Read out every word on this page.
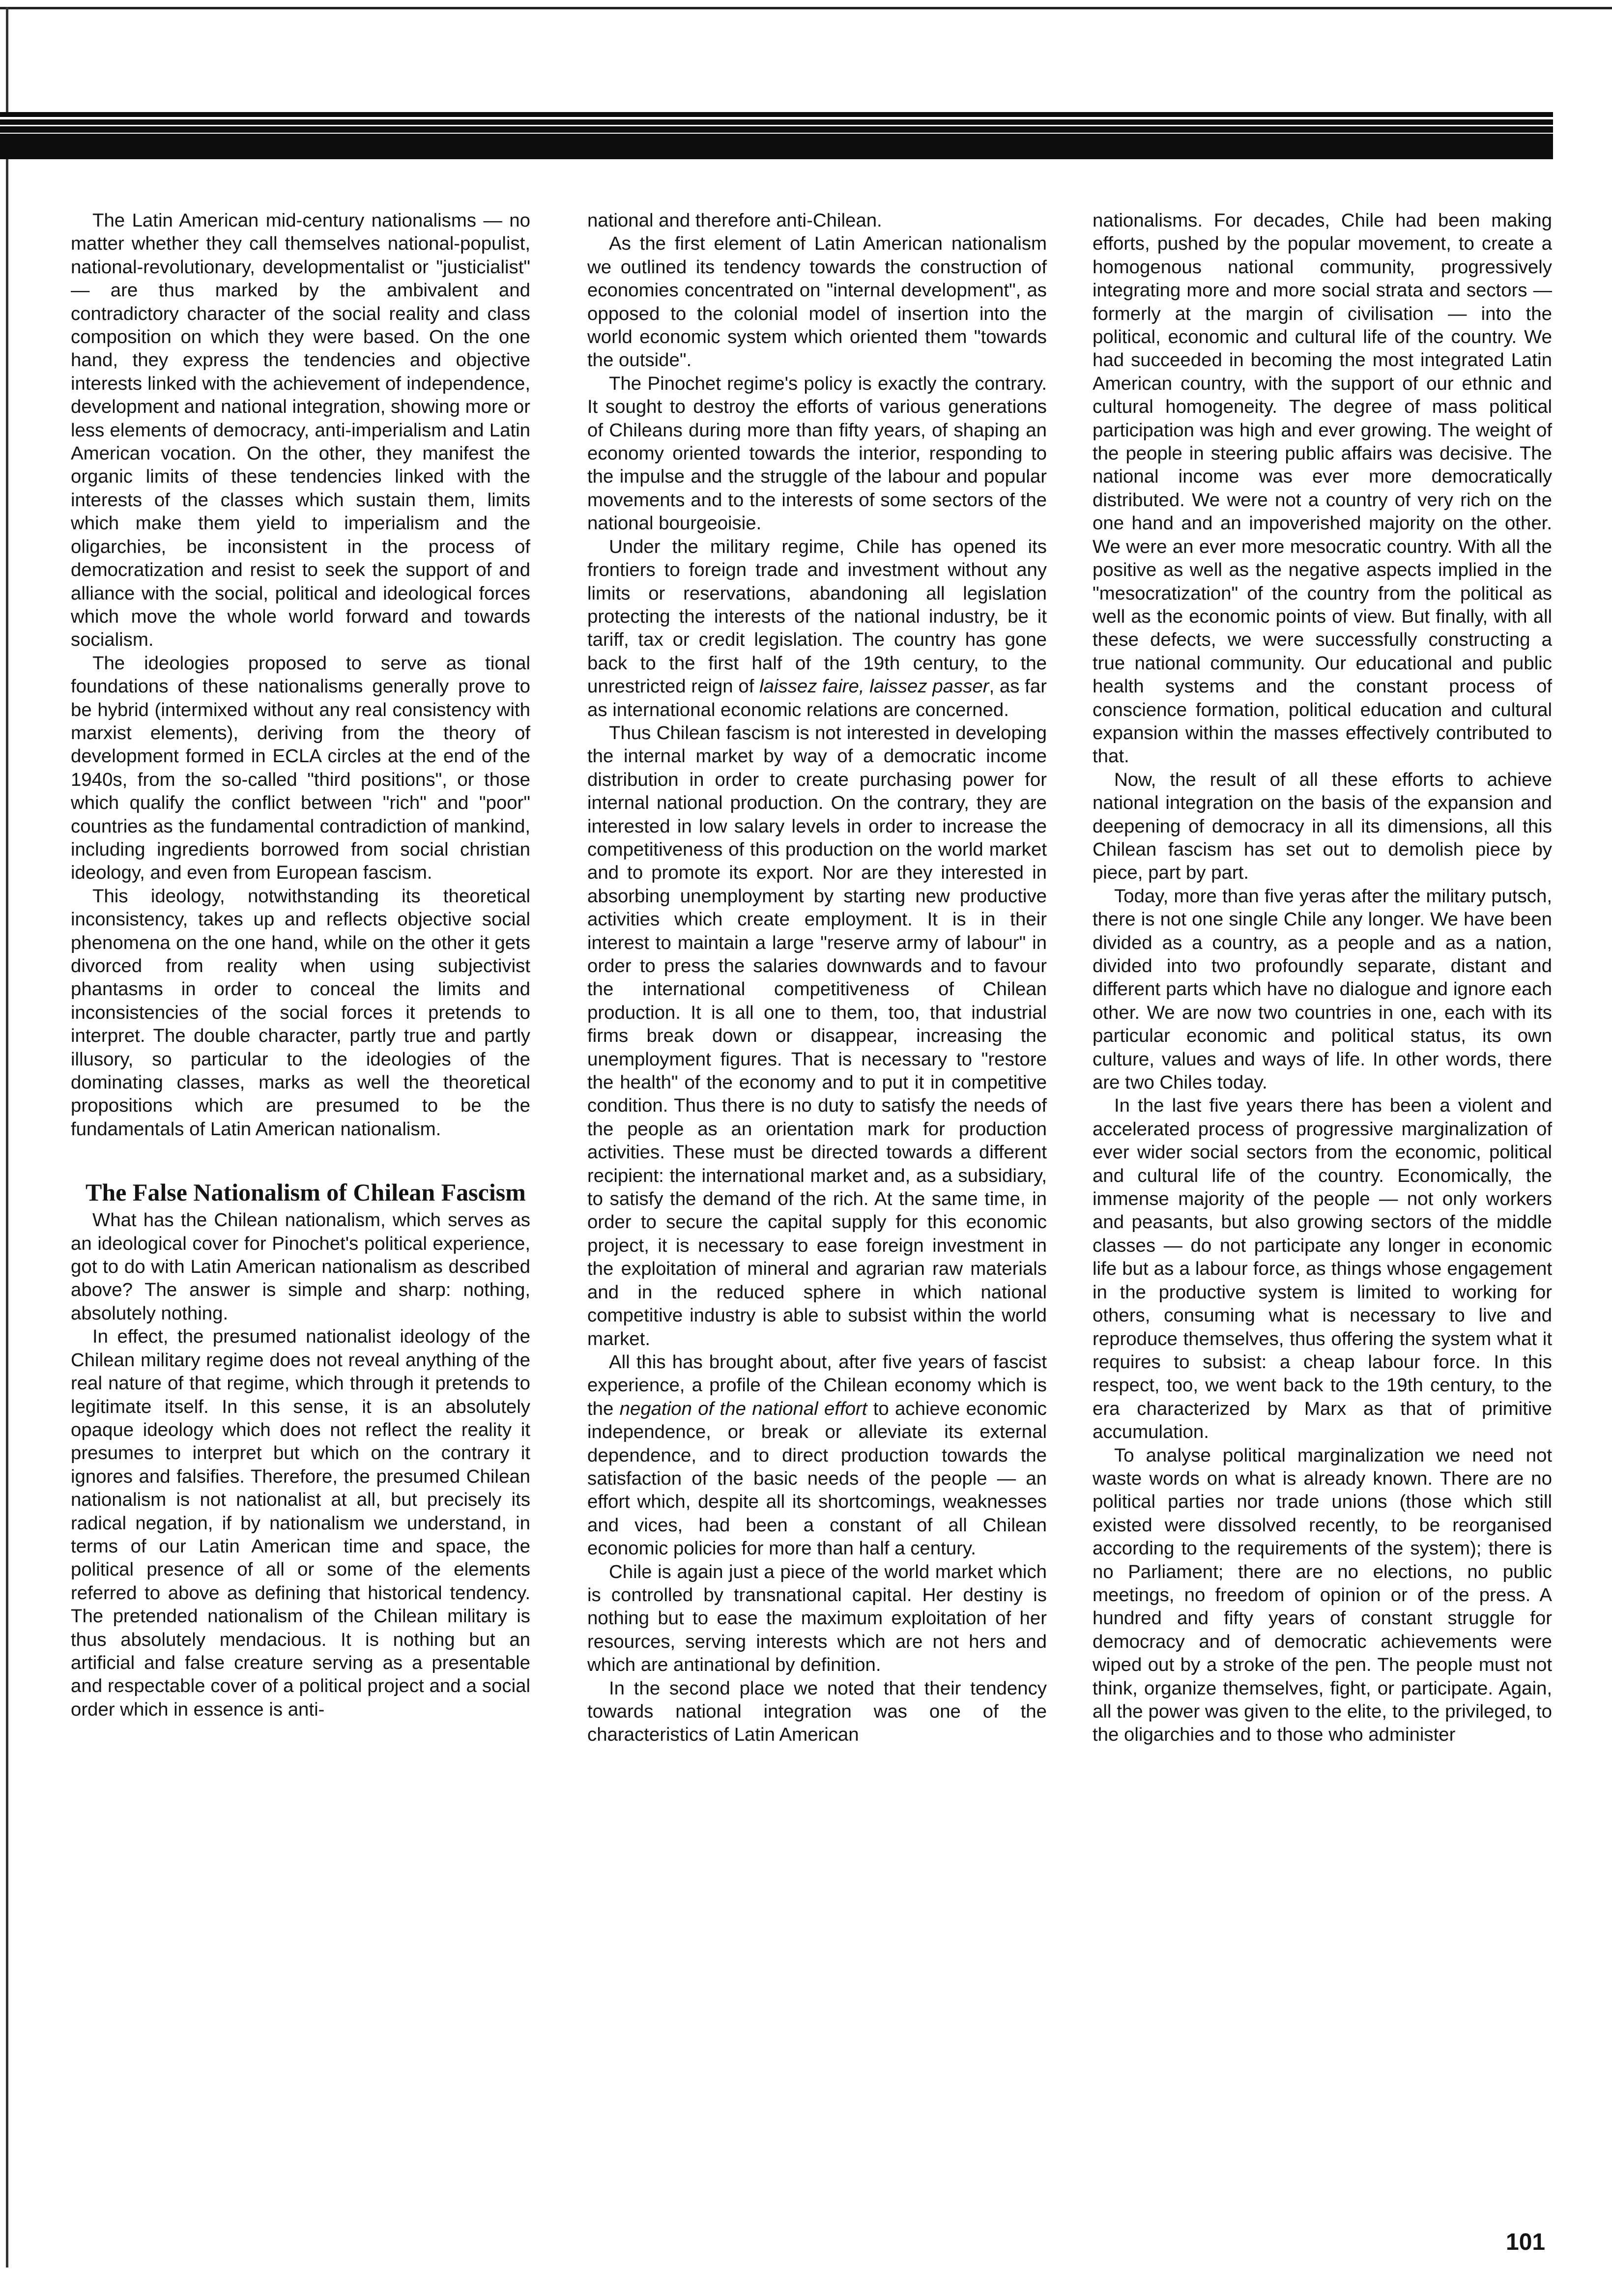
The Latin American mid-century nationalisms — no matter whether they call themselves national-populist, national-revolutionary, developmentalist or "justicialist" — are thus marked by the ambivalent and contradictory character of the social reality and class composition on which they were based. On the one hand, they express the tendencies and objective interests linked with the achievement of independence, development and national integration, showing more or less elements of democracy, anti-imperialism and Latin American vocation. On the other, they manifest the organic limits of these tendencies linked with the interests of the classes which sustain them, limits which make them yield to imperialism and the oligarchies, be inconsistent in the process of democratization and resist to seek the support of and alliance with the social, political and ideological forces which move the whole world forward and towards socialism.

The ideologies proposed to serve as tional foundations of these nationalisms generally prove to be hybrid (intermixed without any real consistency with marxist elements), deriving from the theory of development formed in ECLA circles at the end of the 1940s, from the so-called "third positions", or those which qualify the conflict between "rich" and "poor" countries as the fundamental contradiction of mankind, including ingredients borrowed from social christian ideology, and even from European fascism.

This ideology, notwithstanding its theoretical inconsistency, takes up and reflects objective social phenomena on the one hand, while on the other it gets divorced from reality when using subjectivist phantasms in order to conceal the limits and inconsistencies of the social forces it pretends to interpret. The double character, partly true and partly illusory, so particular to the ideologies of the dominating classes, marks as well the theoretical propositions which are presumed to be the fundamentals of Latin American nationalism.

The False Nationalism of Chilean Fascism

What has the Chilean nationalism, which serves as an ideological cover for Pinochet's political experience, got to do with Latin American nationalism as described above? The answer is simple and sharp: nothing, absolutely nothing.

In effect, the presumed nationalist ideology of the Chilean military regime does not reveal anything of the real nature of that regime, which through it pretends to legitimate itself. In this sense, it is an absolutely opaque ideology which does not reflect the reality it presumes to interpret but which on the contrary it ignores and falsifies. Therefore, the presumed Chilean nationalism is not nationalist at all, but precisely its radical negation, if by nationalism we understand, in terms of our Latin American time and space, the political presence of all or some of the elements referred to above as defining that historical tendency. The pretended nationalism of the Chilean military is thus absolutely mendacious. It is nothing but an artificial and false creature serving as a presentable and respectable cover of a political project and a social order which in essence is anti-

national and therefore anti-Chilean.

As the first element of Latin American nationalism we outlined its tendency towards the construction of economies concentrated on "internal development", as opposed to the colonial model of insertion into the world economic system which oriented them "towards the outside".

The Pinochet regime's policy is exactly the contrary. It sought to destroy the efforts of various generations of Chileans during more than fifty years, of shaping an economy oriented towards the interior, responding to the impulse and the struggle of the labour and popular movements and to the interests of some sectors of the national bourgeoisie.

Under the military regime, Chile has opened its frontiers to foreign trade and investment without any limits or reservations, abandoning all legislation protecting the interests of the national industry, be it tariff, tax or credit legislation. The country has gone back to the first half of the 19th century, to the unrestricted reign of laissez faire, laissez passer, as far as international economic relations are concerned.

Thus Chilean fascism is not interested in developing the internal market by way of a democratic income distribution in order to create purchasing power for internal national production. On the contrary, they are interested in low salary levels in order to increase the competitiveness of this production on the world market and to promote its export. Nor are they interested in absorbing unemployment by starting new productive activities which create employment. It is in their interest to maintain a large "reserve army of labour" in order to press the salaries downwards and to favour the international competitiveness of Chilean production. It is all one to them, too, that industrial firms break down or disappear, increasing the unemployment figures. That is necessary to "restore the health" of the economy and to put it in competitive condition. Thus there is no duty to satisfy the needs of the people as an orientation mark for production activities. These must be directed towards a different recipient: the international market and, as a subsidiary, to satisfy the demand of the rich. At the same time, in order to secure the capital supply for this economic project, it is necessary to ease foreign investment in the exploitation of mineral and agrarian raw materials and in the reduced sphere in which national competitive industry is able to subsist within the world market.

All this has brought about, after five years of fascist experience, a profile of the Chilean economy which is the negation of the national effort to achieve economic independence, or break or alleviate its external dependence, and to direct production towards the satisfaction of the basic needs of the people — an effort which, despite all its shortcomings, weaknesses and vices, had been a constant of all Chilean economic policies for more than half a century.

Chile is again just a piece of the world market which is controlled by transnational capital. Her destiny is nothing but to ease the maximum exploitation of her resources, serving interests which are not hers and which are antinational by definition.

In the second place we noted that their tendency towards national integration was one of the characteristics of Latin American

nationalisms. For decades, Chile had been making efforts, pushed by the popular movement, to create a homogenous national community, progressively integrating more and more social strata and sectors — formerly at the margin of civilisation — into the political, economic and cultural life of the country. We had succeeded in becoming the most integrated Latin American country, with the support of our ethnic and cultural homogeneity. The degree of mass political participation was high and ever growing. The weight of the people in steering public affairs was decisive. The national income was ever more democratically distributed. We were not a country of very rich on the one hand and an impoverished majority on the other. We were an ever more mesocratic country. With all the positive as well as the negative aspects implied in the "mesocratization" of the country from the political as well as the economic points of view. But finally, with all these defects, we were successfully constructing a true national community. Our educational and public health systems and the constant process of conscience formation, political education and cultural expansion within the masses effectively contributed to that.

Now, the result of all these efforts to achieve national integration on the basis of the expansion and deepening of democracy in all its dimensions, all this Chilean fascism has set out to demolish piece by piece, part by part.

Today, more than five yeras after the military putsch, there is not one single Chile any longer. We have been divided as a country, as a people and as a nation, divided into two profoundly separate, distant and different parts which have no dialogue and ignore each other. We are now two countries in one, each with its particular economic and political status, its own culture, values and ways of life. In other words, there are two Chiles today.

In the last five years there has been a violent and accelerated process of progressive marginalization of ever wider social sectors from the economic, political and cultural life of the country. Economically, the immense majority of the people — not only workers and peasants, but also growing sectors of the middle classes — do not participate any longer in economic life but as a labour force, as things whose engagement in the productive system is limited to working for others, consuming what is necessary to live and reproduce themselves, thus offering the system what it requires to subsist: a cheap labour force. In this respect, too, we went back to the 19th century, to the era characterized by Marx as that of primitive accumulation.

To analyse political marginalization we need not waste words on what is already known. There are no political parties nor trade unions (those which still existed were dissolved recently, to be reorganised according to the requirements of the system); there is no Parliament; there are no elections, no public meetings, no freedom of opinion or of the press. A hundred and fifty years of constant struggle for democracy and of democratic achievements were wiped out by a stroke of the pen. The people must not think, organize themselves, fight, or participate. Again, all the power was given to the elite, to the privileged, to the oligarchies and to those who administer

101
